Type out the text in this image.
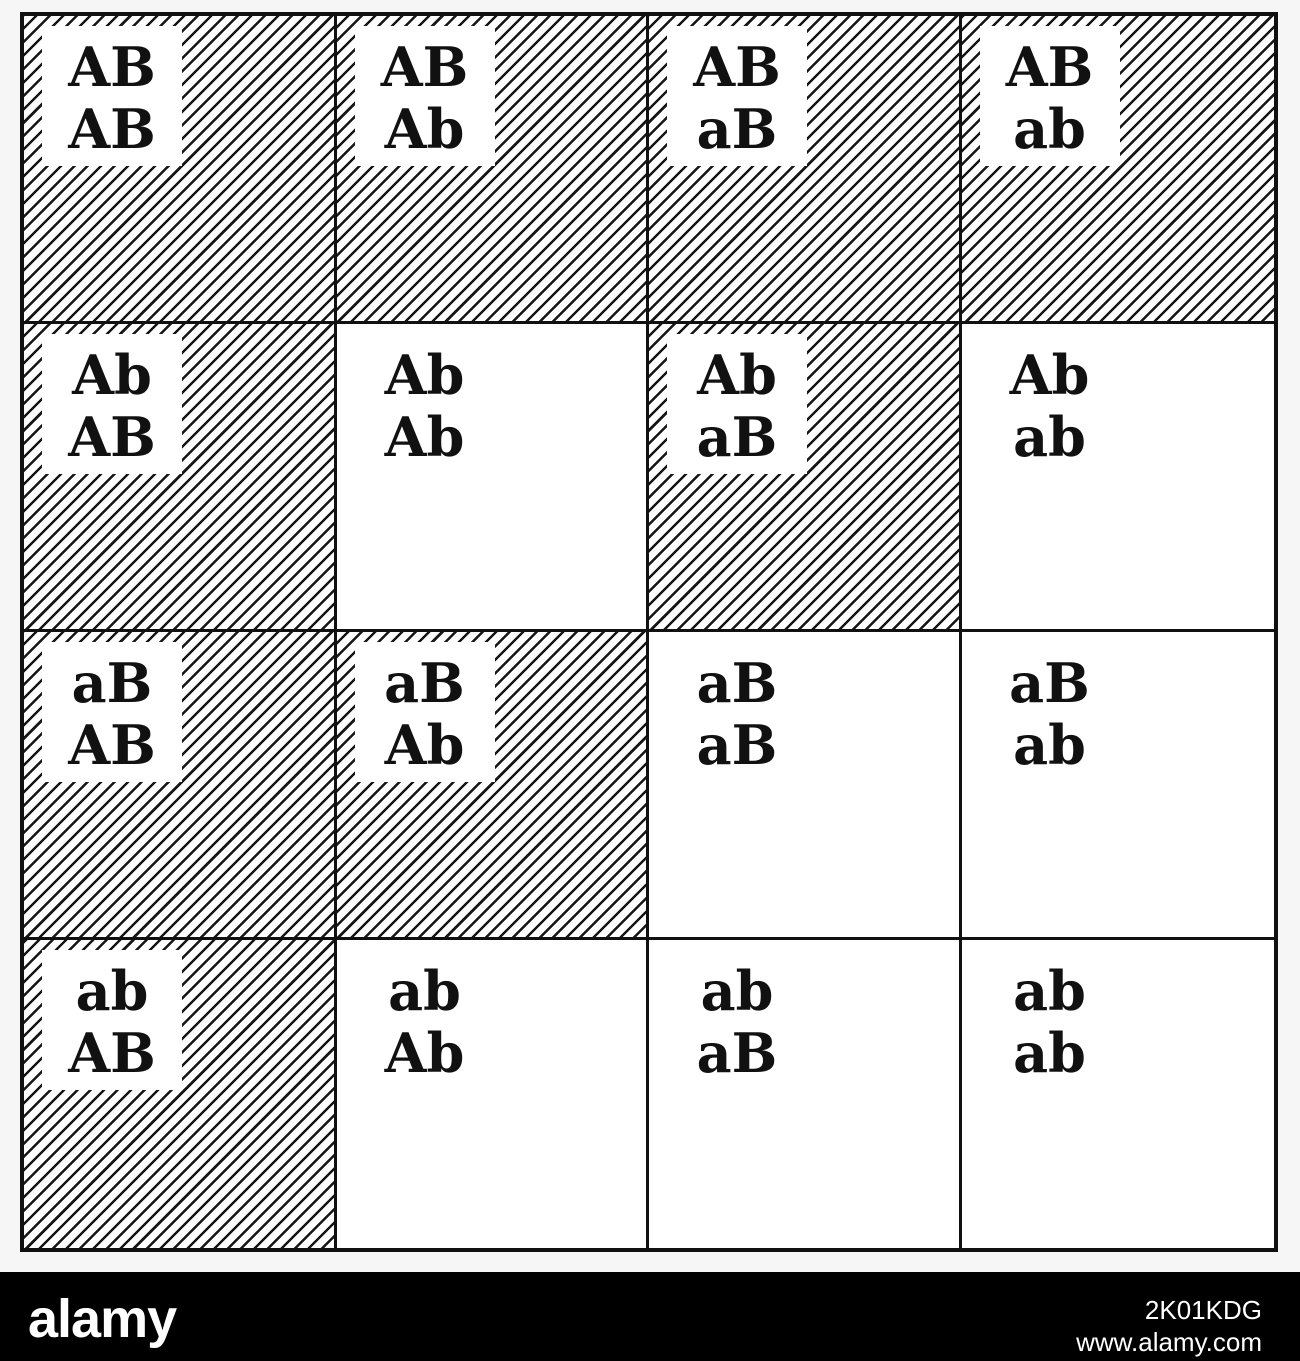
AB
AB
AB
Ab
AB
aB
AB
ab
Ab
AB
Ab
Ab
Ab
aB
Ab
ab
aB
AB
aB
Ab
aB
aB
aB
ab
ab
AB
ab
Ab
ab
aB
ab
ab
alamy	2K01KDG
www.alamy.com
